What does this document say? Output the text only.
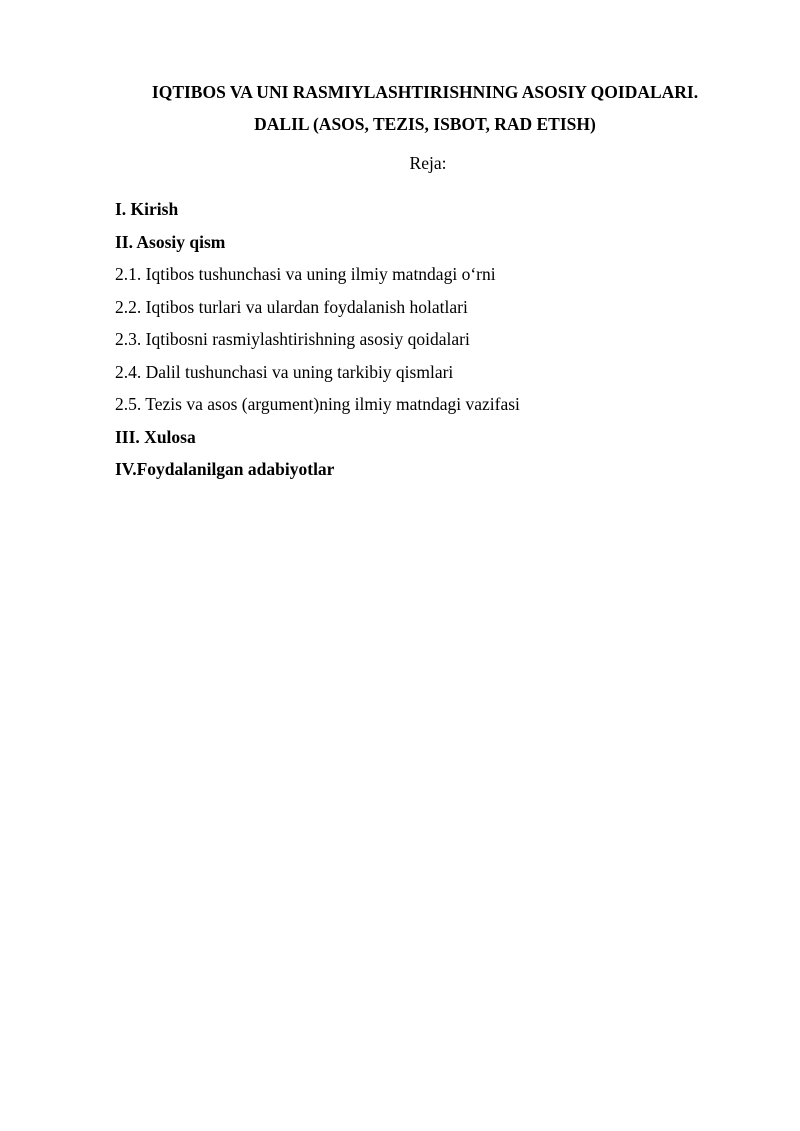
IQTIBOS VA UNI RASMIYLASHTIRISHNING ASOSIY QOIDALARI.
DALIL (ASOS, TEZIS, ISBOT, RAD ETISH)
Reja:
I. Kirish
II. Asosiy qism
2.1. Iqtibos tushunchasi va uning ilmiy matndagi o‘rni
2.2. Iqtibos turlari va ulardan foydalanish holatlari
2.3. Iqtibosni rasmiylashtirishning asosiy qoidalari
2.4. Dalil tushunchasi va uning tarkibiy qismlari
2.5. Tezis va asos (argument)ning ilmiy matndagi vazifasi
III. Xulosa
IV.Foydalanilgan adabiyotlar
